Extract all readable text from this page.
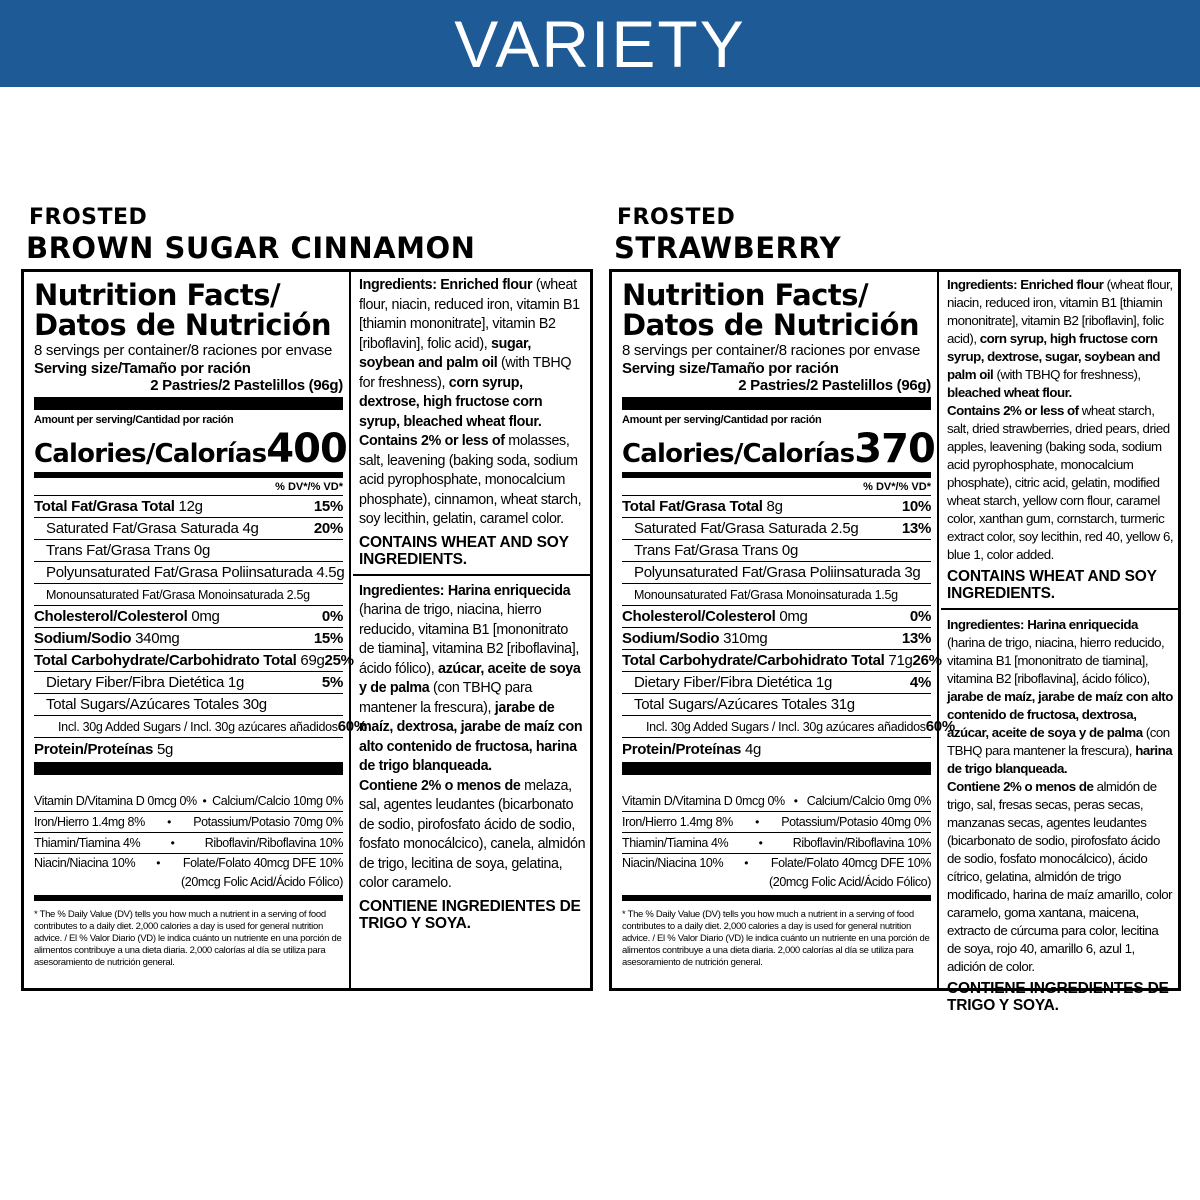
VARIETY
FROSTED
BROWN SUGAR CINNAMON
Nutrition Facts/
Datos de Nutrición
8 servings per container/8 raciones por envase
Serving size/Tamaño por ración
2 Pastries/2 Pastelillos (96g)
Amount per serving/Cantidad por ración
Calories/Calorías 400
% DV*/% VD*
Total Fat/Grasa Total 12g	15%
Saturated Fat/Grasa Saturada 4g	20%
Trans Fat/Grasa Trans 0g
Polyunsaturated Fat/Grasa Poliinsaturada 4.5g
Monounsaturated Fat/Grasa Monoinsaturada 2.5g
Cholesterol/Colesterol 0mg	0%
Sodium/Sodio 340mg	15%
Total Carbohydrate/Carbohidrato Total 69g 25%
Dietary Fiber/Fibra Dietética 1g	5%
Total Sugars/Azúcares Totales 30g
Incl. 30g Added Sugars / Incl. 30g azúcares añadidos 60%
Protein/Proteínas 5g
Vitamin D/Vitamina D 0mcg 0% • Calcium/Calcio 10mg 0%
Iron/Hierro 1.4mg 8% • Potassium/Potasio 70mg 0%
Thiamin/Tiamina 4%	• Riboflavin/Riboflavina 10%
Niacin/Niacina 10% • Folate/Folato 40mcg DFE 10%
(20mcg Folic Acid/Ácido Fólico)
* The % Daily Value (DV) tells you how much a nutrient in a serving of food contributes to a daily diet. 2,000 calories a day is used for general nutrition advice. / El % Valor Diario (VD) le indica cuánto un nutriente en una porción de alimentos contribuye a una dieta diaria. 2,000 calorías al día se utiliza para asesoramiento de nutrición general.

Ingredients: Enriched flour (wheat flour, niacin, reduced iron, vitamin B1 [thiamin mononitrate], vitamin B2 [riboflavin], folic acid), sugar, soybean and palm oil (with TBHQ for freshness), corn syrup, dextrose, high fructose corn syrup, bleached wheat flour.
Contains 2% or less of molasses, salt, leavening (baking soda, sodium acid pyrophosphate, monocalcium phosphate), cinnamon, wheat starch, soy lecithin, gelatin, caramel color.

CONTAINS WHEAT AND SOY INGREDIENTS.

Ingredientes: Harina enriquecida (harina de trigo, niacina, hierro reducido, vitamina B1 [mononitrato de tiamina], vitamina B2 [riboflavina], ácido fólico), azúcar, aceite de soya y de palma (con TBHQ para mantener la frescura), jarabe de maíz, dextrosa, jarabe de maíz con alto contenido de fructosa, harina de trigo blanqueada.
Contiene 2% o menos de melaza, sal, agentes leudantes (bicarbonato de sodio, pirofosfato ácido de sodio, fosfato monocálcico), canela, almidón de trigo, lecitina de soya, gelatina, color caramelo.

CONTIENE INGREDIENTES DE TRIGO Y SOYA.
FROSTED
STRAWBERRY
Nutrition Facts/
Datos de Nutrición
8 servings per container/8 raciones por envase
Serving size/Tamaño por ración
2 Pastries/2 Pastelillos (96g)
Amount per serving/Cantidad por ración
Calories/Calorías 370
% DV*/% VD*
Total Fat/Grasa Total 8g	10%
Saturated Fat/Grasa Saturada 2.5g	13%
Trans Fat/Grasa Trans 0g
Polyunsaturated Fat/Grasa Poliinsaturada 3g
Monounsaturated Fat/Grasa Monoinsaturada 1.5g
Cholesterol/Colesterol 0mg	0%
Sodium/Sodio 310mg	13%
Total Carbohydrate/Carbohidrato Total 71g 26%
Dietary Fiber/Fibra Dietética 1g	4%
Total Sugars/Azúcares Totales 31g
Incl. 30g Added Sugars / Incl. 30g azúcares añadidos 60%
Protein/Proteínas 4g
Vitamin D/Vitamina D 0mcg 0% • Calcium/Calcio 0mg 0%
Iron/Hierro 1.4mg 8% • Potassium/Potasio 40mg 0%
Thiamin/Tiamina 4%	• Riboflavin/Riboflavina 10%
Niacin/Niacina 10% • Folate/Folato 40mcg DFE 10%
(20mcg Folic Acid/Ácido Fólico)
* The % Daily Value (DV) tells you how much a nutrient in a serving of food contributes to a daily diet. 2,000 calories a day is used for general nutrition advice. / El % Valor Diario (VD) le indica cuánto un nutriente en una porción de alimentos contribuye a una dieta diaria. 2,000 calorías al día se utiliza para asesoramiento de nutrición general.

Ingredients: Enriched flour (wheat flour, niacin, reduced iron, vitamin B1 [thiamin mononitrate], vitamin B2 [riboflavin], folic acid), corn syrup, high fructose corn syrup, dextrose, sugar, soybean and palm oil (with TBHQ for freshness), bleached wheat flour.
Contains 2% or less of wheat starch, salt, dried strawberries, dried pears, dried apples, leavening (baking soda, sodium acid pyrophosphate, monocalcium phosphate), citric acid, gelatin, modified wheat starch, yellow corn flour, caramel color, xanthan gum, cornstarch, turmeric extract color, soy lecithin, red 40, yellow 6, blue 1, color added.

CONTAINS WHEAT AND SOY INGREDIENTS.

Ingredientes: Harina enriquecida (harina de trigo, niacina, hierro reducido, vitamina B1 [mononitrato de tiamina], vitamina B2 [riboflavina], ácido fólico), jarabe de maíz, jarabe de maíz con alto contenido de fructosa, dextrosa, azúcar, aceite de soya y de palma (con TBHQ para mantener la frescura), harina de trigo blanqueada.
Contiene 2% o menos de almidón de trigo, sal, fresas secas, peras secas, manzanas secas, agentes leudantes (bicarbonato de sodio, pirofosfato ácido de sodio, fosfato monocálcico), ácido cítrico, gelatina, almidón de trigo modificado, harina de maíz amarillo, color caramelo, goma xantana, maicena, extracto de cúrcuma para color, lecitina de soya, rojo 40, amarillo 6, azul 1, adición de color.

CONTIENE INGREDIENTES DE TRIGO Y SOYA.
